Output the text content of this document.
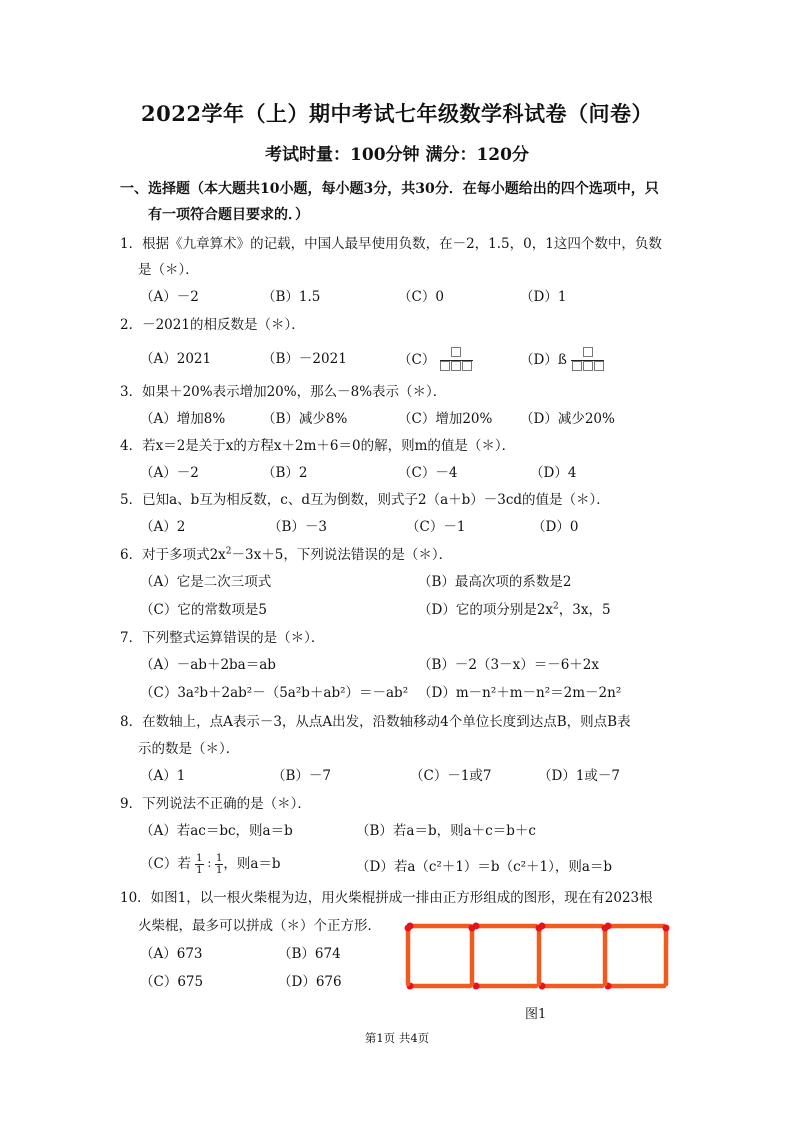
2022学年（上）期中考试七年级数学科试卷（问卷）
考试时量：100分钟 满分：120分
一、选择题（本大题共10小题，每小题3分，共30分．在每小题给出的四个选项中，只
有一项符合题目要求的．）
1．根据《九章算术》的记载，中国人最早使用负数，在－2，1.5，0，1这四个数中，负数
是（＊）．
（A）－2	（B）1.5	（C）0	（D）1
2．－2021的相反数是（＊）．
（A）2021	（B）－2021	（C）	（D）ß
3．如果＋20%表示增加20%，那么－8%表示（＊）．
（A）增加8%	（B）减少8%	（C）增加20% （D）减少20%
4．若x＝2是关于x的方程x＋2m＋6＝0的解，则m的值是（＊）．
（A）－2	（B）2	（C）－4	（D）4
5．已知a、b互为相反数，c、d互为倒数，则式子2（a＋b）－3cd的值是（＊）．
（A）2	（B）－3	（C）－1	（D）0
6．对于多项式$2x^2-3x+5$，下列说法错误的是（＊）．
（A）它是二次三项式	（B）最高次项的系数是2
（C）它的常数项是5	（D）它的项分别是$2x^2$，3x，5
7．下列整式运算错误的是（＊）．
（A）－ab＋2ba＝ab	（B）－2（3－x）＝－6＋2x
（C）3a²b＋2ab²－（5a²b＋ab²）＝－ab² （D）m－n²＋m－n²＝2m－2n²
8．在数轴上，点A表示－3，从点A出发，沿数轴移动4个单位长度到达点B，则点B表
示的数是（＊）．
（A）1	（B）－7	（C）－1或7	（D）1或－7
9．下列说法不正确的是（＊）．
（A）若ac＝bc，则a＝b	（B）若a＝b，则a＋c＝b＋c
（C）若 $\frac{1}{1}$ ∶ $\frac{1}{1}$ ，则a＝b	（D）若a（c²＋1）＝b（c²＋1），则a＝b
10．如图1，以一根火柴棍为边，用火柴棍拼成一排由正方形组成的图形，现在有2023根
火柴棍，最多可以拼成（＊）个正方形．
（A）673	（B）674
（C）675	（D）676
图1
第1页 共4页
